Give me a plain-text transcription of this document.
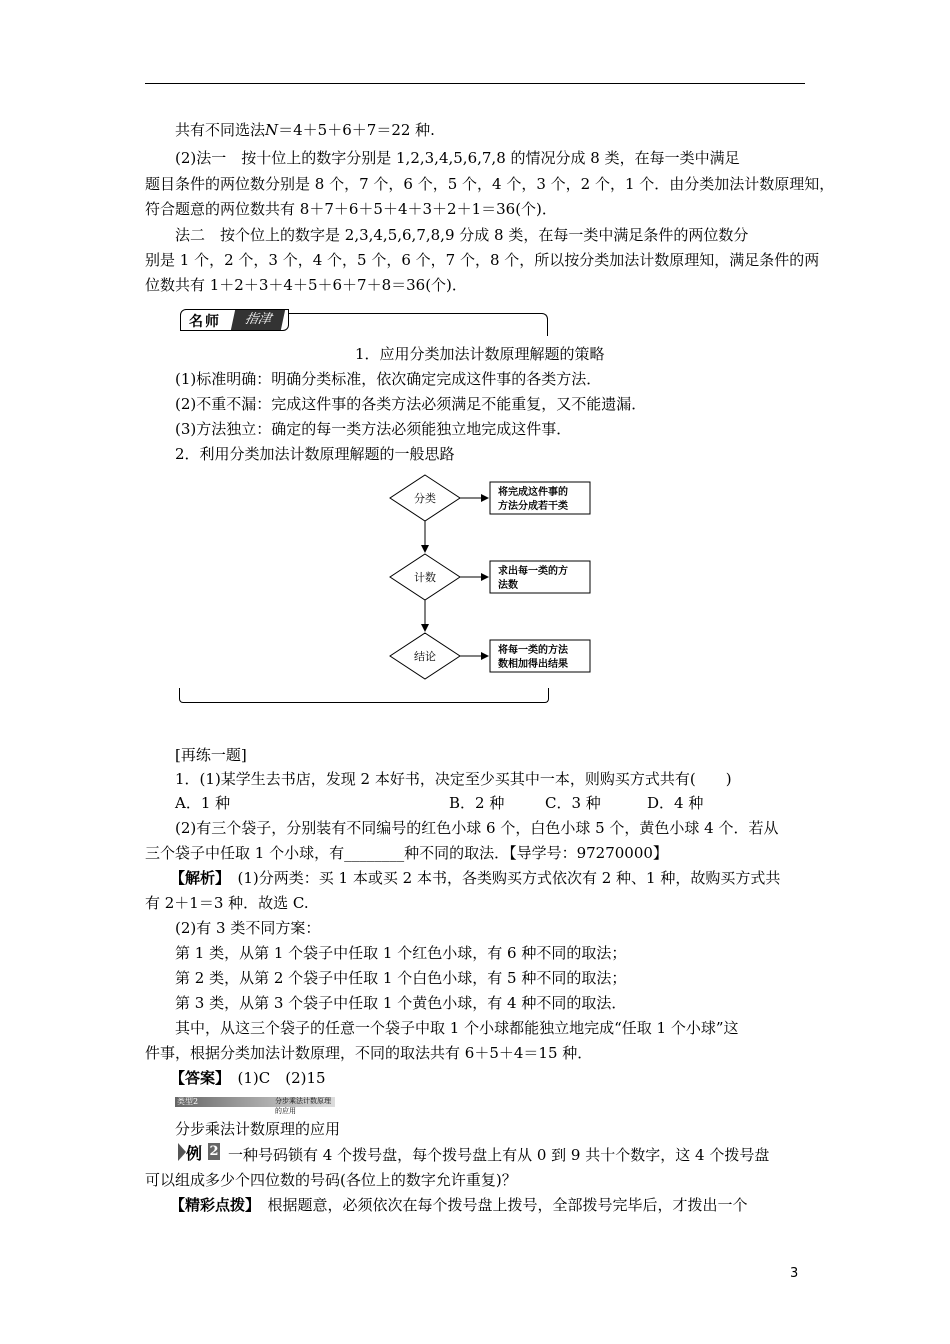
共有不同选法N＝4＋5＋6＋7＝22 种.
(2)法一　按十位上的数字分别是 1,2,3,4,5,6,7,8 的情况分成 8 类，在每一类中满足
题目条件的两位数分别是 8 个，7 个，6 个，5 个，4 个，3 个，2 个，1 个．由分类加法计数原理知，
符合题意的两位数共有 8＋7＋6＋5＋4＋3＋2＋1＝36(个)．
法二　按个位上的数字是 2,3,4,5,6,7,8,9 分成 8 类，在每一类中满足条件的两位数分
别是 1 个，2 个，3 个，4 个，5 个，6 个，7 个，8 个，所以按分类加法计数原理知，满足条件的两
位数共有 1＋2＋3＋4＋5＋6＋7＋8＝36(个)．
名师	指津
1．应用分类加法计数原理解题的策略
(1)标准明确：明确分类标准，依次确定完成这件事的各类方法．
(2)不重不漏：完成这件事的各类方法必须满足不能重复，又不能遗漏．
(3)方法独立：确定的每一类方法必须能独立地完成这件事．
2．利用分类加法计数原理解题的一般思路
分类	将完成这件事的
方法分成若干类
计数	求出每一类的方
法数
结论	将每一类的方法
数相加得出结果
[再练一题]
1．(1)某学生去书店，发现 2 本好书，决定至少买其中一本，则购买方式共有(　　)
A．1 种	B．2 种	C．3 种	D．4 种
(2)有三个袋子，分别装有不同编号的红色小球 6 个，白色小球 5 个，黄色小球 4 个．若从
三个袋子中任取 1 个小球，有________种不同的取法．【导学号：97270000】
【解析】　 (1)分两类：买 1 本或买 2 本书，各类购买方式依次有 2 种、1 种，故购买方式共
有 2＋1＝3 种．故选 C.
(2)有 3 类不同方案：
第 1 类，从第 1 个袋子中任取 1 个红色小球，有 6 种不同的取法；
第 2 类，从第 2 个袋子中任取 1 个白色小球，有 5 种不同的取法；
第 3 类，从第 3 个袋子中任取 1 个黄色小球，有 4 种不同的取法．
其中，从这三个袋子的任意一个袋子中取 1 个小球都能独立地完成“任取 1 个小球”这
件事，根据分类加法计数原理，不同的取法共有 6＋5＋4＝15 种．
【答案】　 (1)C　(2)15
类型2	分步乘法计数原理的应用
分步乘法计数原理的应用
例 2 一种号码锁有 4 个拨号盘，每个拨号盘上有从 0 到 9 共十个数字，这 4 个拨号盘
可以组成多少个四位数的号码(各位上的数字允许重复)？
【精彩点拨】　 根据题意，必须依次在每个拨号盘上拨号，全部拨号完毕后，才拨出一个
3
